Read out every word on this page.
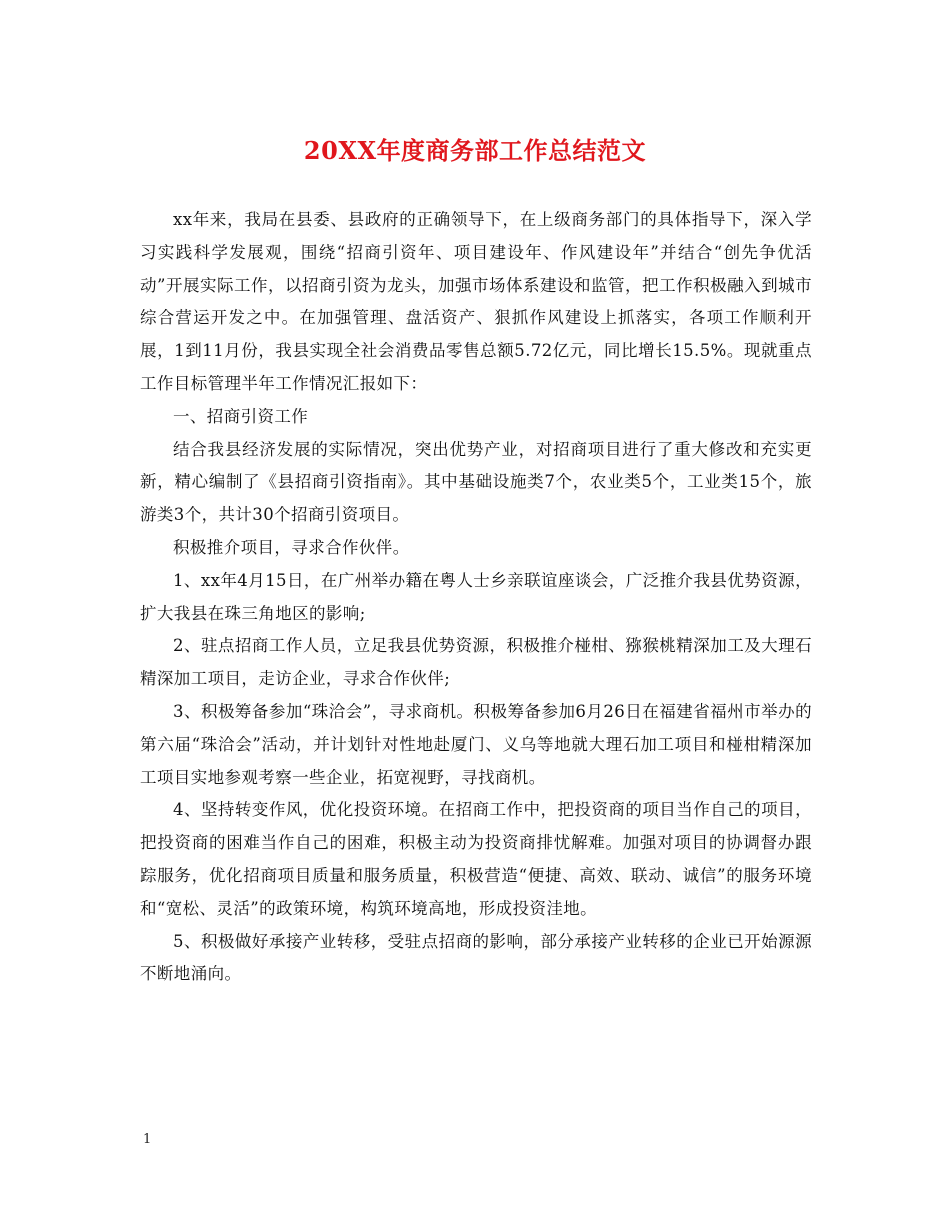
20XX年度商务部工作总结范文

xx年来，我局在县委、县政府的正确领导下，在上级商务部门的具体指导下，深入学习实践科学发展观，围绕“招商引资年、项目建设年、作风建设年”并结合“创先争优活动”开展实际工作，以招商引资为龙头，加强市场体系建设和监管，把工作积极融入到城市综合营运开发之中。在加强管理、盘活资产、狠抓作风建设上抓落实，各项工作顺利开展，1到11月份，我县实现全社会消费品零售总额5.72亿元，同比增长15.5%。现就重点工作目标管理半年工作情况汇报如下：

一、招商引资工作

结合我县经济发展的实际情况，突出优势产业，对招商项目进行了重大修改和充实更新，精心编制了《县招商引资指南》。其中基础设施类7个，农业类5个，工业类15个，旅游类3个，共计30个招商引资项目。

积极推介项目，寻求合作伙伴。

1、xx年4月15日，在广州举办籍在粤人士乡亲联谊座谈会，广泛推介我县优势资源，扩大我县在珠三角地区的影响;

2、驻点招商工作人员，立足我县优势资源，积极推介椪柑、猕猴桃精深加工及大理石精深加工项目，走访企业，寻求合作伙伴;

3、积极筹备参加“珠洽会”，寻求商机。积极筹备参加6月26日在福建省福州市举办的第六届“珠洽会”活动，并计划针对性地赴厦门、义乌等地就大理石加工项目和椪柑精深加工项目实地参观考察一些企业，拓宽视野，寻找商机。

4、坚持转变作风，优化投资环境。在招商工作中，把投资商的项目当作自己的项目，把投资商的困难当作自己的困难，积极主动为投资商排忧解难。加强对项目的协调督办跟踪服务，优化招商项目质量和服务质量，积极营造“便捷、高效、联动、诚信”的服务环境和“宽松、灵活”的政策环境，构筑环境高地，形成投资洼地。

5、积极做好承接产业转移，受驻点招商的影响，部分承接产业转移的企业已开始源源不断地涌向。

1
